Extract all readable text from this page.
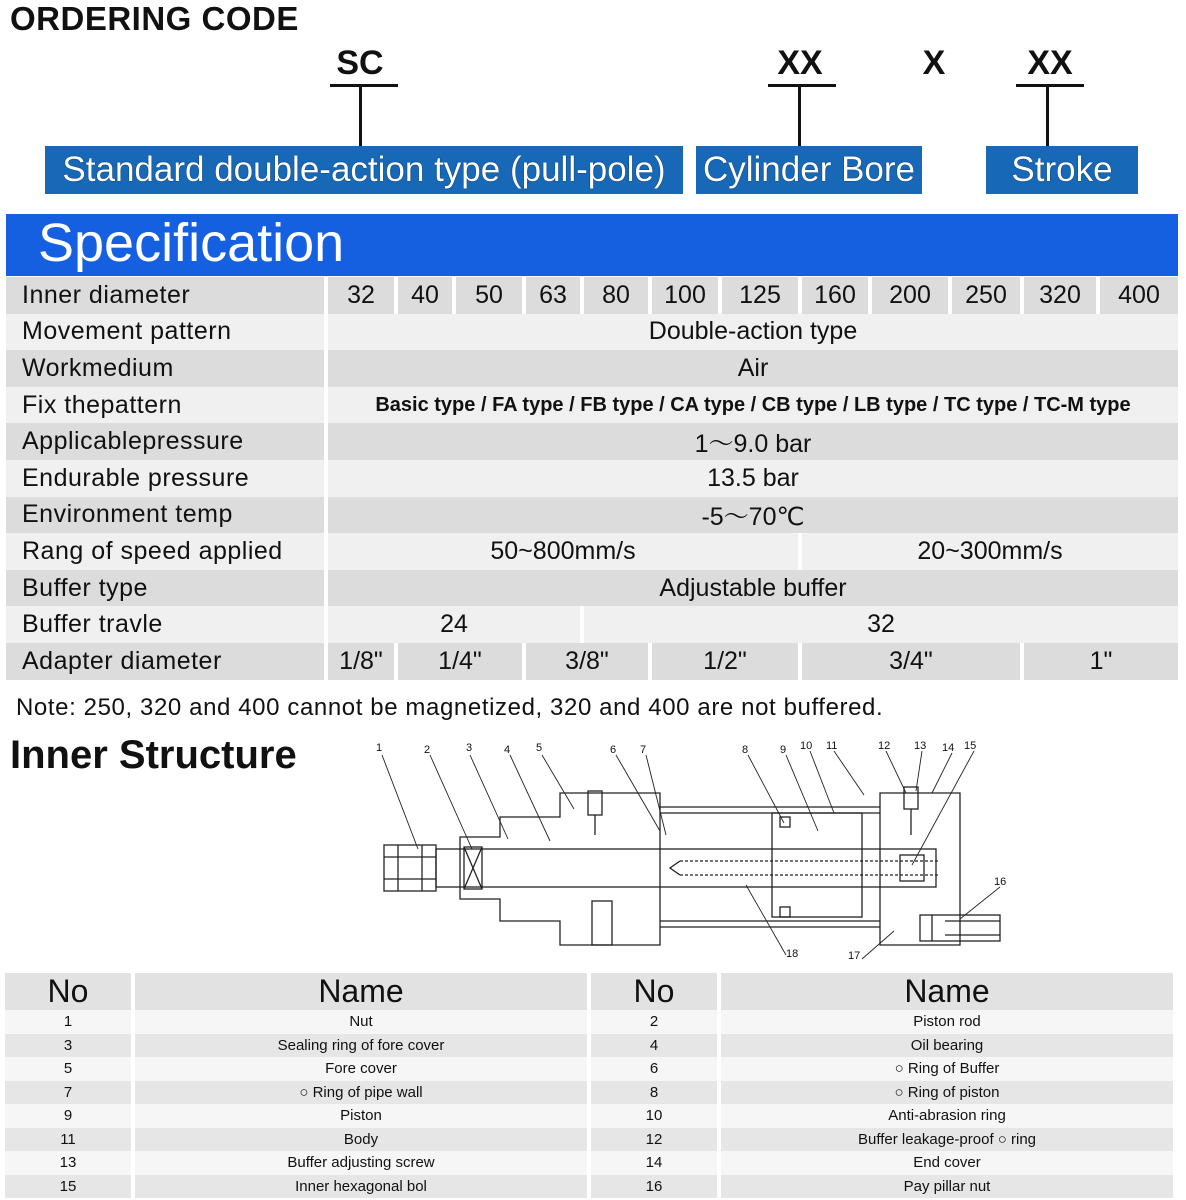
ORDERING CODE
SC	XX	X XX
Standard double-action type (pull-pole)	Cylinder Bore	Stroke
Specification
Inner diameter	32	40	50	63	80	100	125	160	200	250	320	400
Movement pattern	Double-action type											
Workmedium	Air											
Fix thepattern	Basic type / FA type / FB type / CA type / CB type / LB type / TC type / TC-M type											
Applicablepressure	1〜9.0 bar											
Endurable pressure	13.5 bar											
Environment temp	-5〜70℃											
Rang of speed applied	50~800mm/s							20~300mm/s				
Buffer type	Adjustable buffer											
Buffer travle	24				32							
Adapter diameter	1/8"	1/4"		3/8"		1/2"		3/4"			1"	
Note: 250, 320 and 400 cannot be magnetized, 320 and 400 are not buffered.
Inner Structure	1	2	3	4 5	6 7	8	9 10 11	12 13 14 15
16
17
18
No	Name	No	Name
1	Nut	2	Piston rod
3	Sealing ring of fore cover	4	Oil bearing
5	Fore cover	6	○ Ring of Buffer
7	○ Ring of pipe wall	8	○ Ring of piston
9	Piston	10	Anti-abrasion ring
11	Body	12	Buffer leakage-proof ○ ring
13	Buffer adjusting screw	14	End cover
15	Inner hexagonal bol	16	Pay pillar nut
